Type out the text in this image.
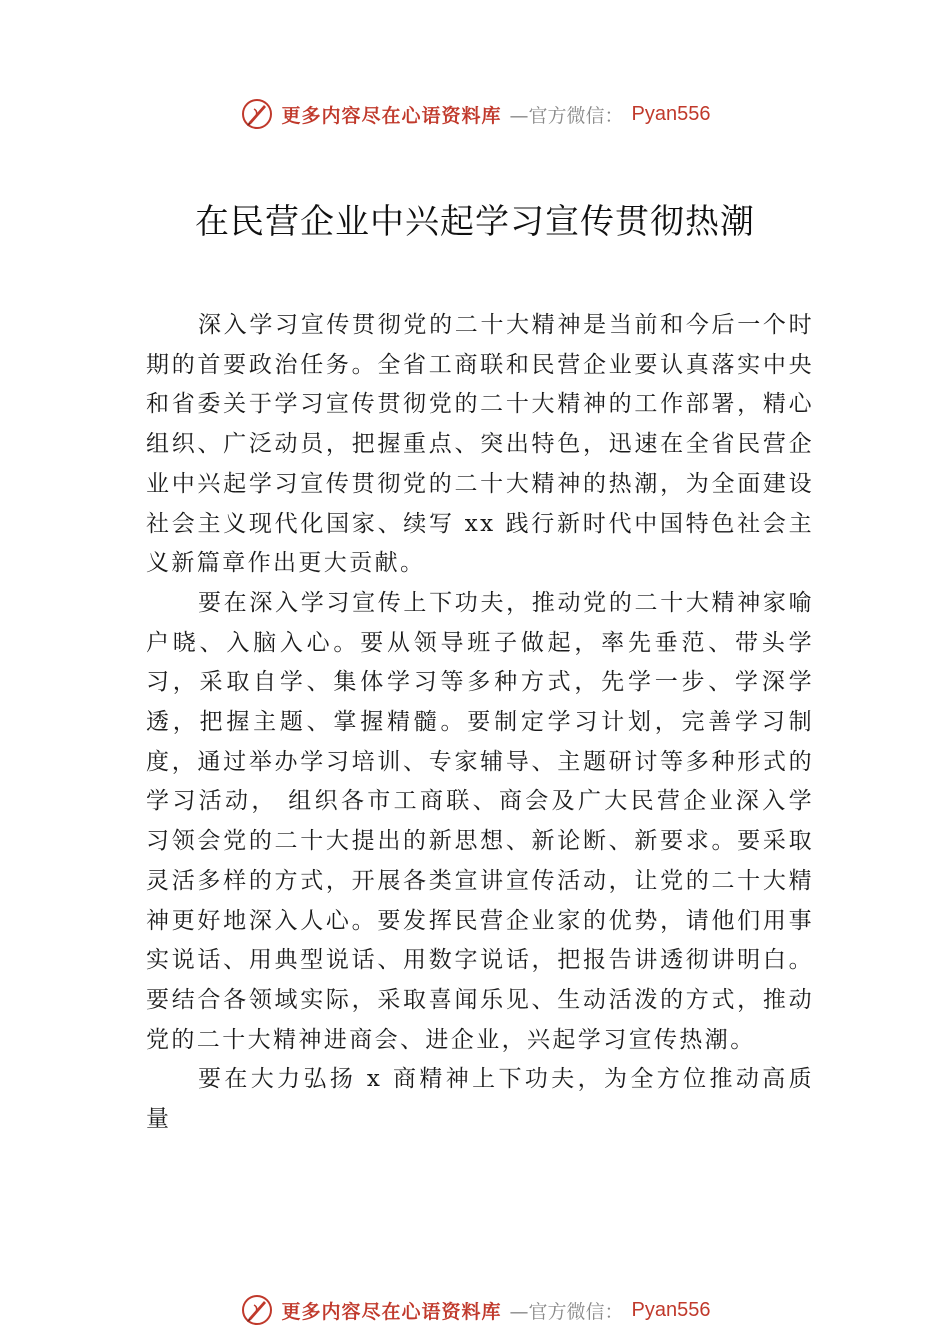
更多内容尽在心语资料库 —官方微信： Pyan556
在民营企业中兴起学习宣传贯彻热潮

深入学习宣传贯彻党的二十大精神是当前和今后一个时期的首要政治任务。全省工商联和民营企业要认真落实中央和省委关于学习宣传贯彻党的二十大精神的工作部署，精心组织、广泛动员，把握重点、突出特色，迅速在全省民营企业中兴起学习宣传贯彻党的二十大精神的热潮，为全面建设社会主义现代化国家、续写 xx 践行新时代中国特色社会主义新篇章作出更大贡献。

要在深入学习宣传上下功夫，推动党的二十大精神家喻户晓、入脑入心。要从领导班子做起，率先垂范、带头学习，采取自学、集体学习等多种方式，先学一步、学深学透，把握主题、掌握精髓。要制定学习计划，完善学习制度，通过举办学习培训、专家辅导、主题研讨等多种形式的学习活动， 组织各市工商联、商会及广大民营企业深入学习领会党的二十大提出的新思想、新论断、新要求。要采取灵活多样的方式，开展各类宣讲宣传活动，让党的二十大精神更好地深入人心。要发挥民营企业家的优势，请他们用事实说话、用典型说话、用数字说话，把报告讲透彻讲明白。要结合各领域实际，采取喜闻乐见、生动活泼的方式，推动党的二十大精神进商会、进企业，兴起学习宣传热潮。

要在大力弘扬 x 商精神上下功夫，为全方位推动高质量

更多内容尽在心语资料库 —官方微信： Pyan556
